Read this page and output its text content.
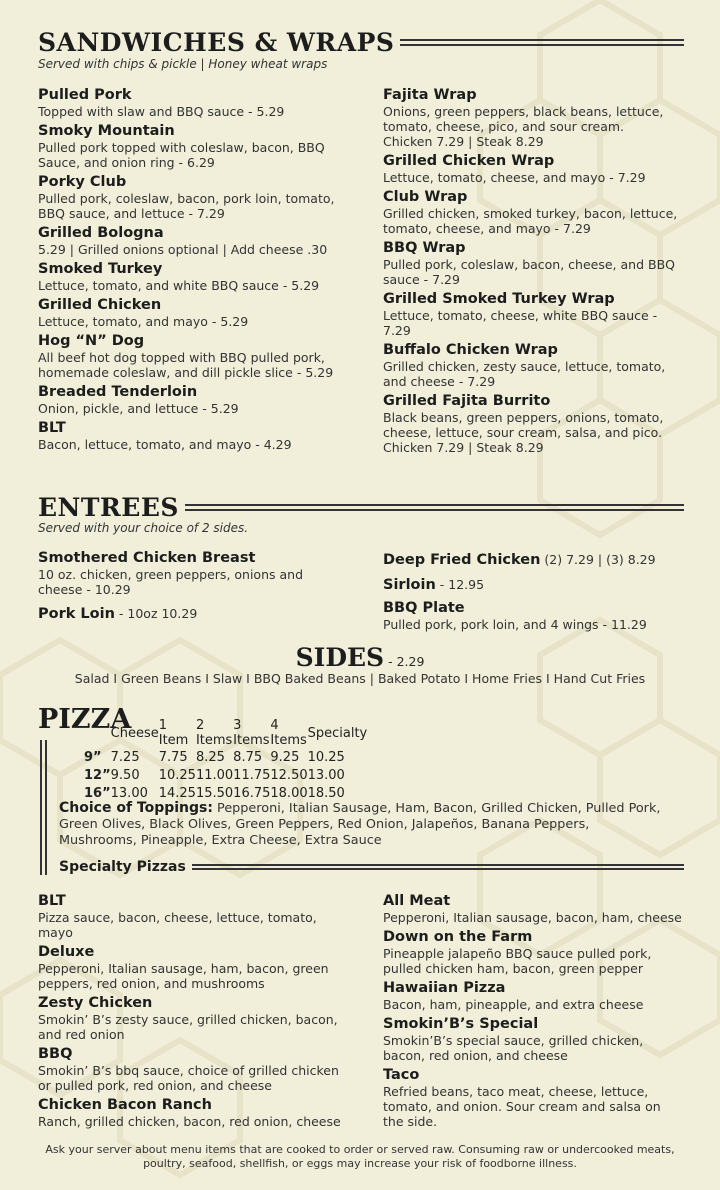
SANDWICHES & WRAPS
Served with chips & pickle | Honey wheat wraps
Pulled Pork
Topped with slaw and BBQ sauce - 5.29
Smoky Mountain
Pulled pork topped with coleslaw, bacon, BBQ Sauce, and onion ring - 6.29
Porky Club
Pulled pork, coleslaw, bacon, pork loin, tomato, BBQ sauce, and lettuce - 7.29
Grilled Bologna
5.29 | Grilled onions optional | Add cheese .30
Smoked Turkey
Lettuce, tomato, and white BBQ sauce - 5.29
Grilled Chicken
Lettuce, tomato, and mayo - 5.29
Hog “N” Dog
All beef hot dog topped with BBQ pulled pork, homemade coleslaw, and dill pickle slice - 5.29
Breaded Tenderloin
Onion, pickle, and lettuce - 5.29
BLT
Bacon, lettuce, tomato, and mayo - 4.29
Fajita Wrap
Onions, green peppers, black beans, lettuce, tomato, cheese, pico, and sour cream.
Chicken 7.29 | Steak 8.29
Grilled Chicken Wrap
Lettuce, tomato, cheese, and mayo - 7.29
Club Wrap
Grilled chicken, smoked turkey, bacon, lettuce, tomato, cheese, and mayo - 7.29
BBQ Wrap
Pulled pork, coleslaw, bacon, cheese, and BBQ sauce - 7.29
Grilled Smoked Turkey Wrap
Lettuce, tomato, cheese, white BBQ sauce - 7.29
Buffalo Chicken Wrap
Grilled chicken, zesty sauce, lettuce, tomato, and cheese - 7.29
Grilled Fajita Burrito
Black beans, green peppers, onions, tomato, cheese, lettuce, sour cream, salsa, and pico.
Chicken 7.29 | Steak 8.29
ENTREES
Served with your choice of 2 sides.
Smothered Chicken Breast
10 oz. chicken, green peppers, onions and cheese - 10.29
Pork Loin - 10oz 10.29
Deep Fried Chicken (2) 7.29 | (3) 8.29
Sirloin - 12.95
BBQ Plate
Pulled pork, pork loin, and 4 wings - 11.29
SIDES - 2.29
Salad I Green Beans I Slaw I BBQ Baked Beans | Baked Potato I Home Fries I Hand Cut Fries
PIZZA
	Cheese	1 Item	2 Items	3 Items	4 Items	Specialty
9”	7.25	7.75	8.25	8.75	9.25	10.25
12”	9.50	10.25	11.00	11.75	12.50	13.00
16”	13.00	14.25	15.50	16.75	18.00	18.50
Choice of Toppings: Pepperoni, Italian Sausage, Ham, Bacon, Grilled Chicken, Pulled Pork, Green Olives, Black Olives, Green Peppers, Red Onion, Jalapeños, Banana Peppers, Mushrooms, Pineapple, Extra Cheese, Extra Sauce
Specialty Pizzas
BLT
Pizza sauce, bacon, cheese, lettuce, tomato, mayo
Deluxe
Pepperoni, Italian sausage, ham, bacon, green peppers, red onion, and mushrooms
Zesty Chicken
Smokin’ B’s zesty sauce, grilled chicken, bacon, and red onion
BBQ
Smokin’ B’s bbq sauce, choice of grilled chicken or pulled pork, red onion, and cheese
Chicken Bacon Ranch
Ranch, grilled chicken, bacon, red onion, cheese
All Meat
Pepperoni, Italian sausage, bacon, ham, cheese
Down on the Farm
Pineapple jalapeño BBQ sauce pulled pork, pulled chicken ham, bacon, green pepper
Hawaiian Pizza
Bacon, ham, pineapple, and extra cheese
Smokin’B’s Special
Smokin’B’s special sauce, grilled chicken, bacon, red onion, and cheese
Taco
Refried beans, taco meat, cheese, lettuce, tomato, and onion. Sour cream and salsa on the side.
Ask your server about menu items that are cooked to order or served raw. Consuming raw or undercooked meats, poultry, seafood, shellfish, or eggs may increase your risk of foodborne illness.
